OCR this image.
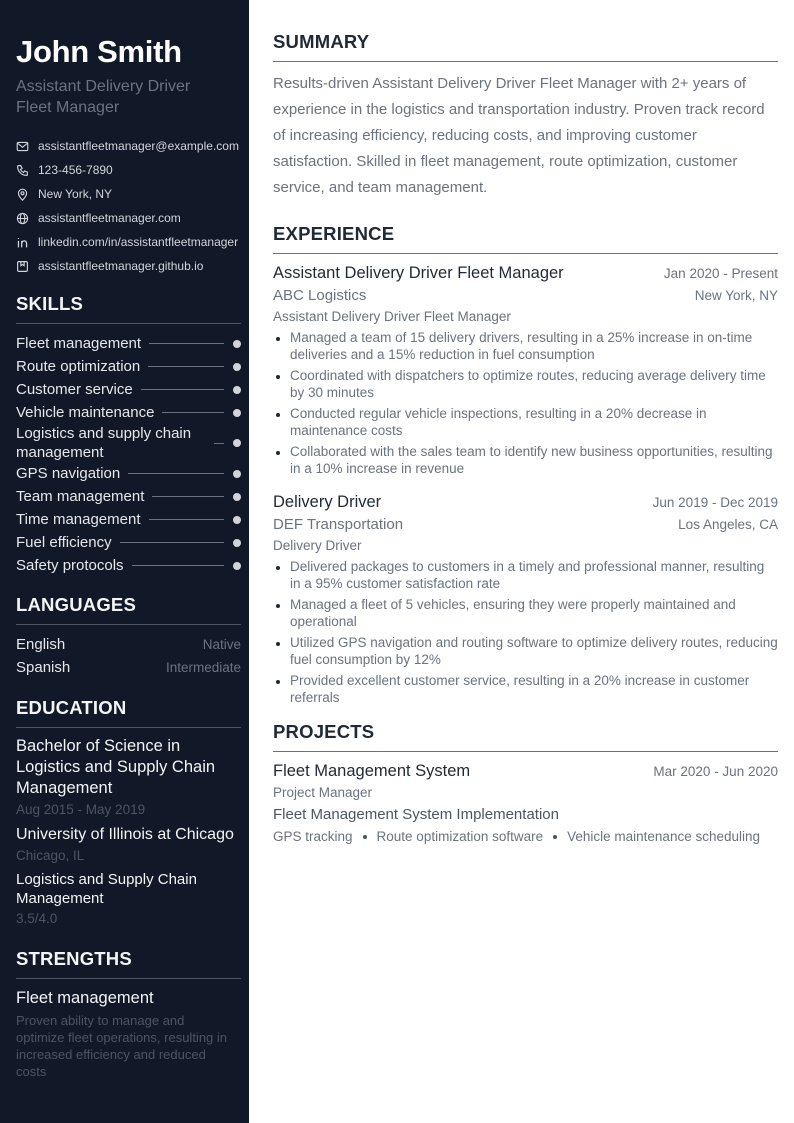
John Smith
Assistant Delivery Driver Fleet Manager
assistantfleetmanager@example.com
123-456-7890
New York, NY
assistantfleetmanager.com
linkedin.com/in/assistantfleetmanager
assistantfleetmanager.github.io
SKILLS
Fleet management
Route optimization
Customer service
Vehicle maintenance
Logistics and supply chain management
GPS navigation
Team management
Time management
Fuel efficiency
Safety protocols
LANGUAGES
English	Native
Spanish	Intermediate
EDUCATION
Bachelor of Science in Logistics and Supply Chain Management
Aug 2015 - May 2019
University of Illinois at Chicago
Chicago, IL
Logistics and Supply Chain Management
3.5/4.0
STRENGTHS
Fleet management
Proven ability to manage and optimize fleet operations, resulting in increased efficiency and reduced costs
SUMMARY

Results-driven Assistant Delivery Driver Fleet Manager with 2+ years of experience in the logistics and transportation industry. Proven track record of increasing efficiency, reducing costs, and improving customer satisfaction. Skilled in fleet management, route optimization, customer service, and team management.

EXPERIENCE
Assistant Delivery Driver Fleet Manager	Jan 2020 - Present
ABC Logistics	New York, NY
Assistant Delivery Driver Fleet Manager
Managed a team of 15 delivery drivers, resulting in a 25% increase in on-time deliveries and a 15% reduction in fuel consumption
Coordinated with dispatchers to optimize routes, reducing average delivery time by 30 minutes
Conducted regular vehicle inspections, resulting in a 20% decrease in maintenance costs
Collaborated with the sales team to identify new business opportunities, resulting in a 10% increase in revenue
Delivery Driver	Jun 2019 - Dec 2019
DEF Transportation	Los Angeles, CA
Delivery Driver
Delivered packages to customers in a timely and professional manner, resulting in a 95% customer satisfaction rate
Managed a fleet of 5 vehicles, ensuring they were properly maintained and operational
Utilized GPS navigation and routing software to optimize delivery routes, reducing fuel consumption by 12%
Provided excellent customer service, resulting in a 20% increase in customer referrals
PROJECTS
Fleet Management System	Mar 2020 - Jun 2020
Project Manager
Fleet Management System Implementation
GPS tracking Route optimization software Vehicle maintenance scheduling
